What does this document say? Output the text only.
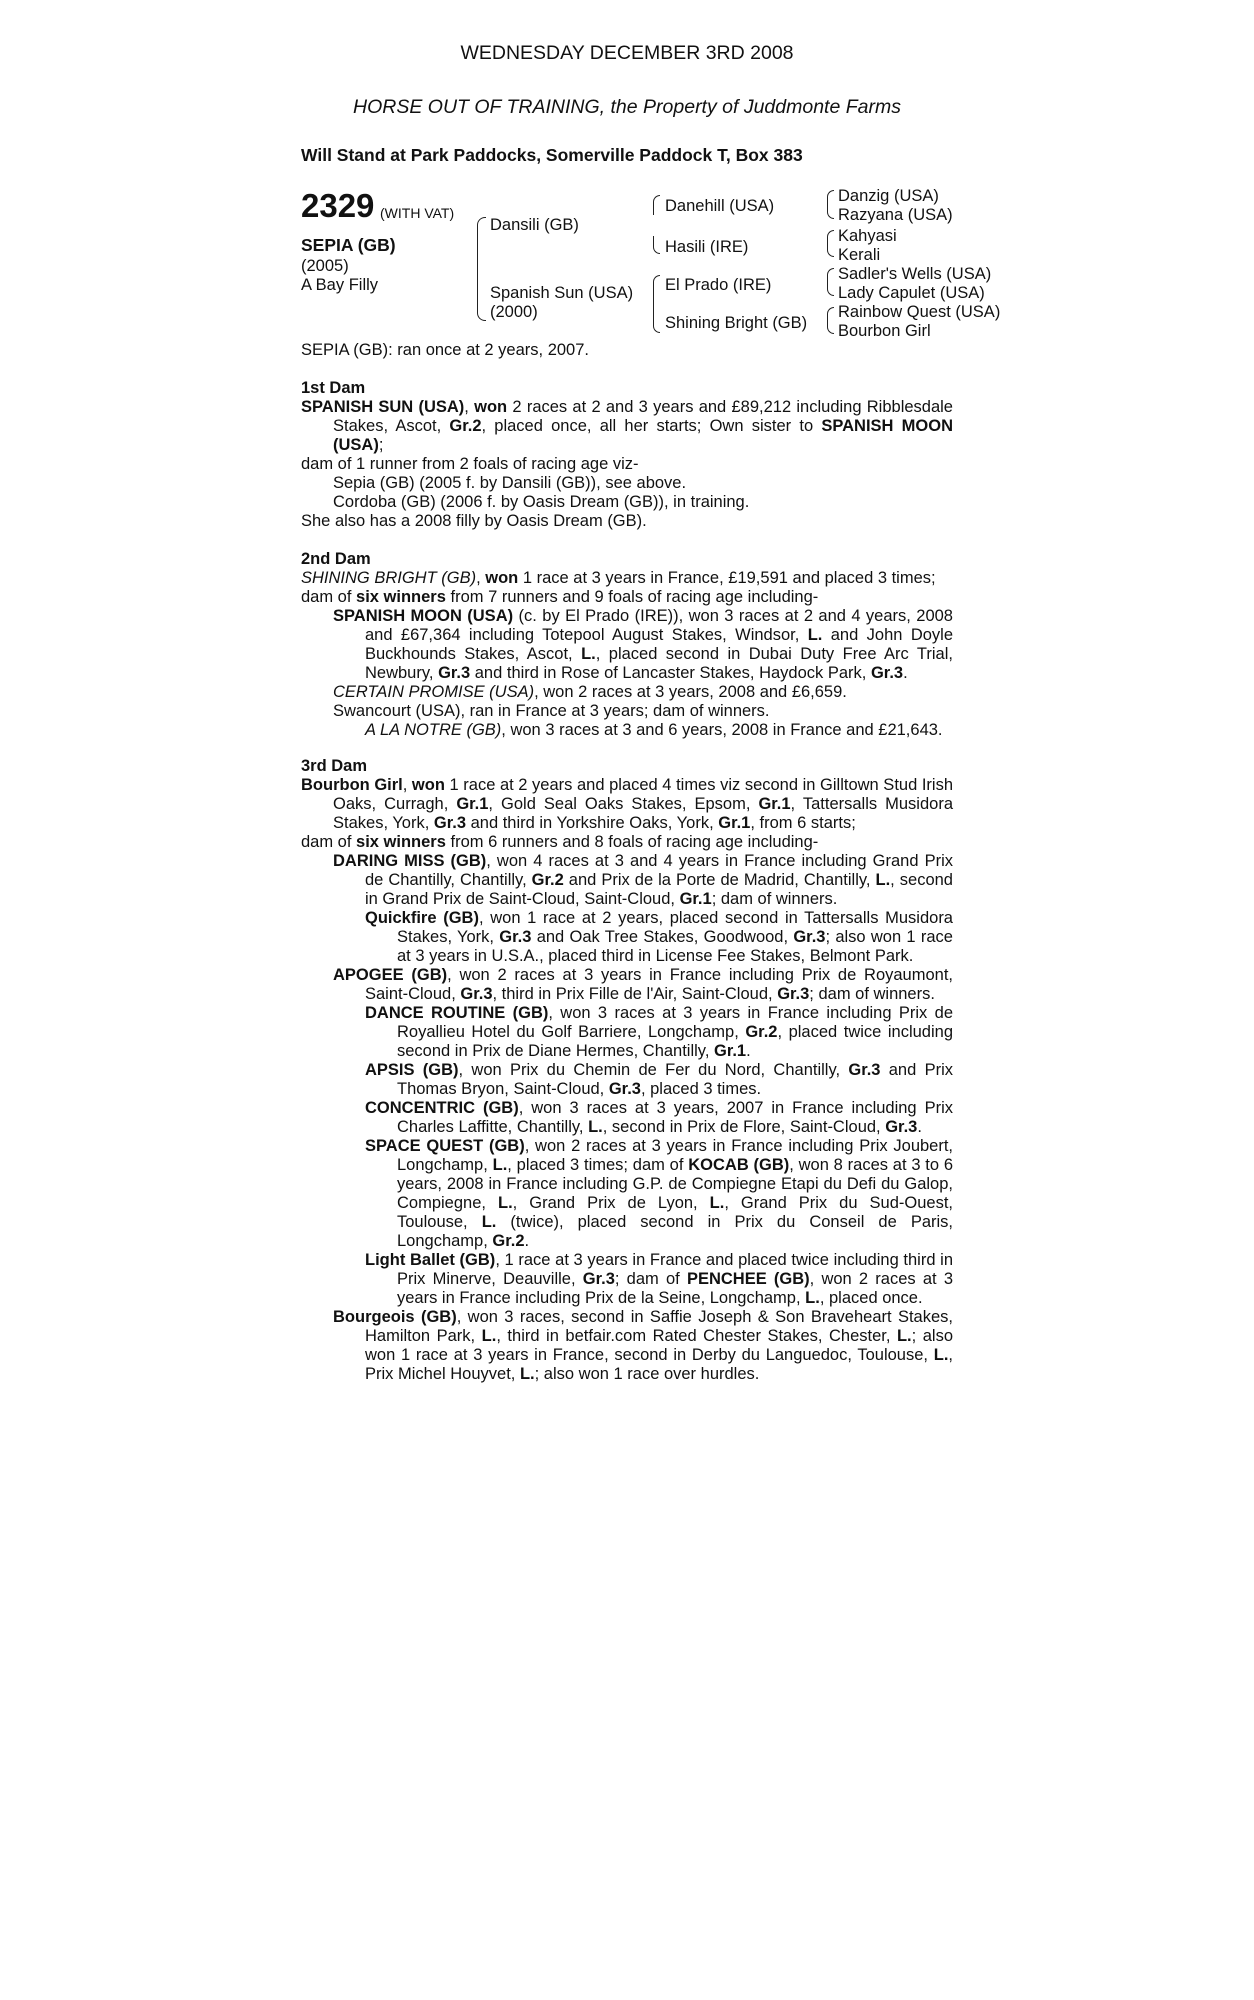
WEDNESDAY DECEMBER 3RD 2008
HORSE OUT OF TRAINING, the Property of Juddmonte Farms
Will Stand at Park Paddocks, Somerville Paddock T, Box 383
2329 (WITH VAT)
SEPIA (GB)
(2005)
A Bay Filly
Dansili (GB)
Spanish Sun (USA)
(2000)
Danehill (USA)
Hasili (IRE)
El Prado (IRE)
Shining Bright (GB)
Danzig (USA)
Razyana (USA)
Kahyasi
Kerali
Sadler's Wells (USA)
Lady Capulet (USA)
Rainbow Quest (USA)
Bourbon Girl
SEPIA (GB): ran once at 2 years, 2007.
1st Dam

SPANISH SUN (USA), won 2 races at 2 and 3 years and £89,212 including Ribblesdale Stakes, Ascot, Gr.2, placed once, all her starts; Own sister to SPANISH MOON (USA);

dam of 1 runner from 2 foals of racing age viz-

Sepia (GB) (2005 f. by Dansili (GB)), see above.

Cordoba (GB) (2006 f. by Oasis Dream (GB)), in training.

She also has a 2008 filly by Oasis Dream (GB).

2nd Dam

SHINING BRIGHT (GB), won 1 race at 3 years in France, £19,591 and placed 3 times;

dam of six winners from 7 runners and 9 foals of racing age including-

SPANISH MOON (USA) (c. by El Prado (IRE)), won 3 races at 2 and 4 years, 2008 and £67,364 including Totepool August Stakes, Windsor, L. and John Doyle Buckhounds Stakes, Ascot, L., placed second in Dubai Duty Free Arc Trial, Newbury, Gr.3 and third in Rose of Lancaster Stakes, Haydock Park, Gr.3.

CERTAIN PROMISE (USA), won 2 races at 3 years, 2008 and £6,659.

Swancourt (USA), ran in France at 3 years; dam of winners.

A LA NOTRE (GB), won 3 races at 3 and 6 years, 2008 in France and £21,643.

3rd Dam

Bourbon Girl, won 1 race at 2 years and placed 4 times viz second in Gilltown Stud Irish Oaks, Curragh, Gr.1, Gold Seal Oaks Stakes, Epsom, Gr.1, Tattersalls Musidora Stakes, York, Gr.3 and third in Yorkshire Oaks, York, Gr.1, from 6 starts;

dam of six winners from 6 runners and 8 foals of racing age including-

DARING MISS (GB), won 4 races at 3 and 4 years in France including Grand Prix de Chantilly, Chantilly, Gr.2 and Prix de la Porte de Madrid, Chantilly, L., second in Grand Prix de Saint-Cloud, Saint-Cloud, Gr.1; dam of winners.

Quickfire (GB), won 1 race at 2 years, placed second in Tattersalls Musidora Stakes, York, Gr.3 and Oak Tree Stakes, Goodwood, Gr.3; also won 1 race at 3 years in U.S.A., placed third in License Fee Stakes, Belmont Park.

APOGEE (GB), won 2 races at 3 years in France including Prix de Royaumont, Saint-Cloud, Gr.3, third in Prix Fille de l'Air, Saint-Cloud, Gr.3; dam of winners.

DANCE ROUTINE (GB), won 3 races at 3 years in France including Prix de Royallieu Hotel du Golf Barriere, Longchamp, Gr.2, placed twice including second in Prix de Diane Hermes, Chantilly, Gr.1.

APSIS (GB), won Prix du Chemin de Fer du Nord, Chantilly, Gr.3 and Prix Thomas Bryon, Saint-Cloud, Gr.3, placed 3 times.

CONCENTRIC (GB), won 3 races at 3 years, 2007 in France including Prix Charles Laffitte, Chantilly, L., second in Prix de Flore, Saint-Cloud, Gr.3.

SPACE QUEST (GB), won 2 races at 3 years in France including Prix Joubert, Longchamp, L., placed 3 times; dam of KOCAB (GB), won 8 races at 3 to 6 years, 2008 in France including G.P. de Compiegne Etapi du Defi du Galop, Compiegne, L., Grand Prix de Lyon, L., Grand Prix du Sud-Ouest, Toulouse, L. (twice), placed second in Prix du Conseil de Paris, Longchamp, Gr.2.

Light Ballet (GB), 1 race at 3 years in France and placed twice including third in Prix Minerve, Deauville, Gr.3; dam of PENCHEE (GB), won 2 races at 3 years in France including Prix de la Seine, Longchamp, L., placed once.

Bourgeois (GB), won 3 races, second in Saffie Joseph & Son Braveheart Stakes, Hamilton Park, L., third in betfair.com Rated Chester Stakes, Chester, L.; also won 1 race at 3 years in France, second in Derby du Languedoc, Toulouse, L., Prix Michel Houyvet, L.; also won 1 race over hurdles.
